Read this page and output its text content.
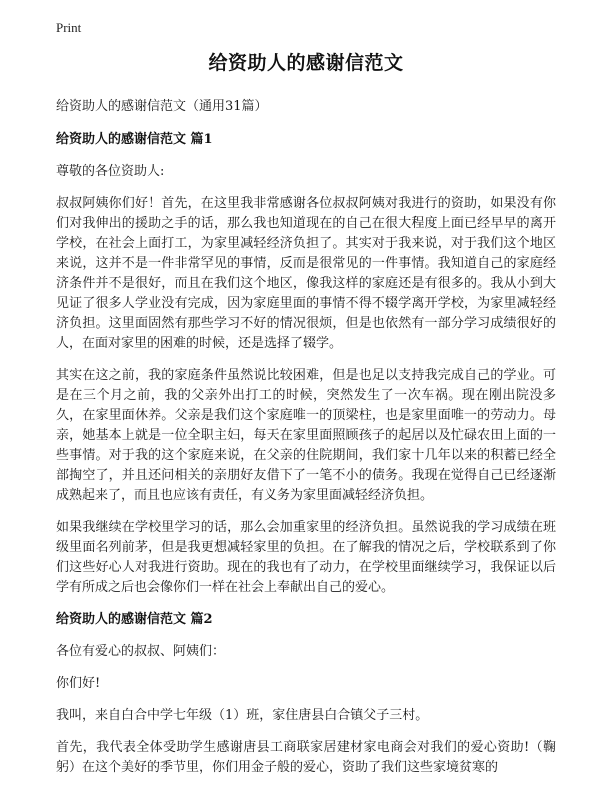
Print
给资助人的感谢信范文

给资助人的感谢信范文（通用31篇）

给资助人的感谢信范文 篇1

尊敬的各位资助人:

叔叔阿姨你们好！首先，在这里我非常感谢各位叔叔阿姨对我进行的资助，如果没有你们对我伸出的援助之手的话，那么我也知道现在的自己在很大程度上面已经早早的离开学校，在社会上面打工，为家里减轻经济负担了。其实对于我来说，对于我们这个地区来说，这并不是一件非常罕见的事情，反而是很常见的一件事情。我知道自己的家庭经济条件并不是很好，而且在我们这个地区，像我这样的家庭还是有很多的。我从小到大见证了很多人学业没有完成，因为家庭里面的事情不得不辍学离开学校，为家里减轻经济负担。这里面固然有那些学习不好的情况很烦，但是也依然有一部分学习成绩很好的人，在面对家里的困难的时候，还是选择了辍学。

其实在这之前，我的家庭条件虽然说比较困难，但是也足以支持我完成自己的学业。可是在三个月之前，我的父亲外出打工的时候，突然发生了一次车祸。现在刚出院没多久，在家里面休养。父亲是我们这个家庭唯一的顶梁柱，也是家里面唯一的劳动力。母亲，她基本上就是一位全职主妇，每天在家里面照顾孩子的起居以及忙碌农田上面的一些事情。对于我的这个家庭来说，在父亲的住院期间，我们家十几年以来的积蓄已经全部掏空了，并且还问相关的亲朋好友借下了一笔不小的债务。我现在觉得自己已经逐渐成熟起来了，而且也应该有责任，有义务为家里面减轻经济负担。

如果我继续在学校里学习的话，那么会加重家里的经济负担。虽然说我的学习成绩在班级里面名列前茅，但是我更想减轻家里的负担。在了解我的情况之后，学校联系到了你们这些好心人对我进行资助。现在的我也有了动力，在学校里面继续学习，我保证以后学有所成之后也会像你们一样在社会上奉献出自己的爱心。

给资助人的感谢信范文 篇2

各位有爱心的叔叔、阿姨们：

你们好!

我叫，来自白合中学七年级（1）班，家住唐县白合镇父子三村。

首先，我代表全体受助学生感谢唐县工商联家居建材家电商会对我们的爱心资助!（鞠躬）在这个美好的季节里，你们用金子般的爱心，资助了我们这些家境贫寒的
